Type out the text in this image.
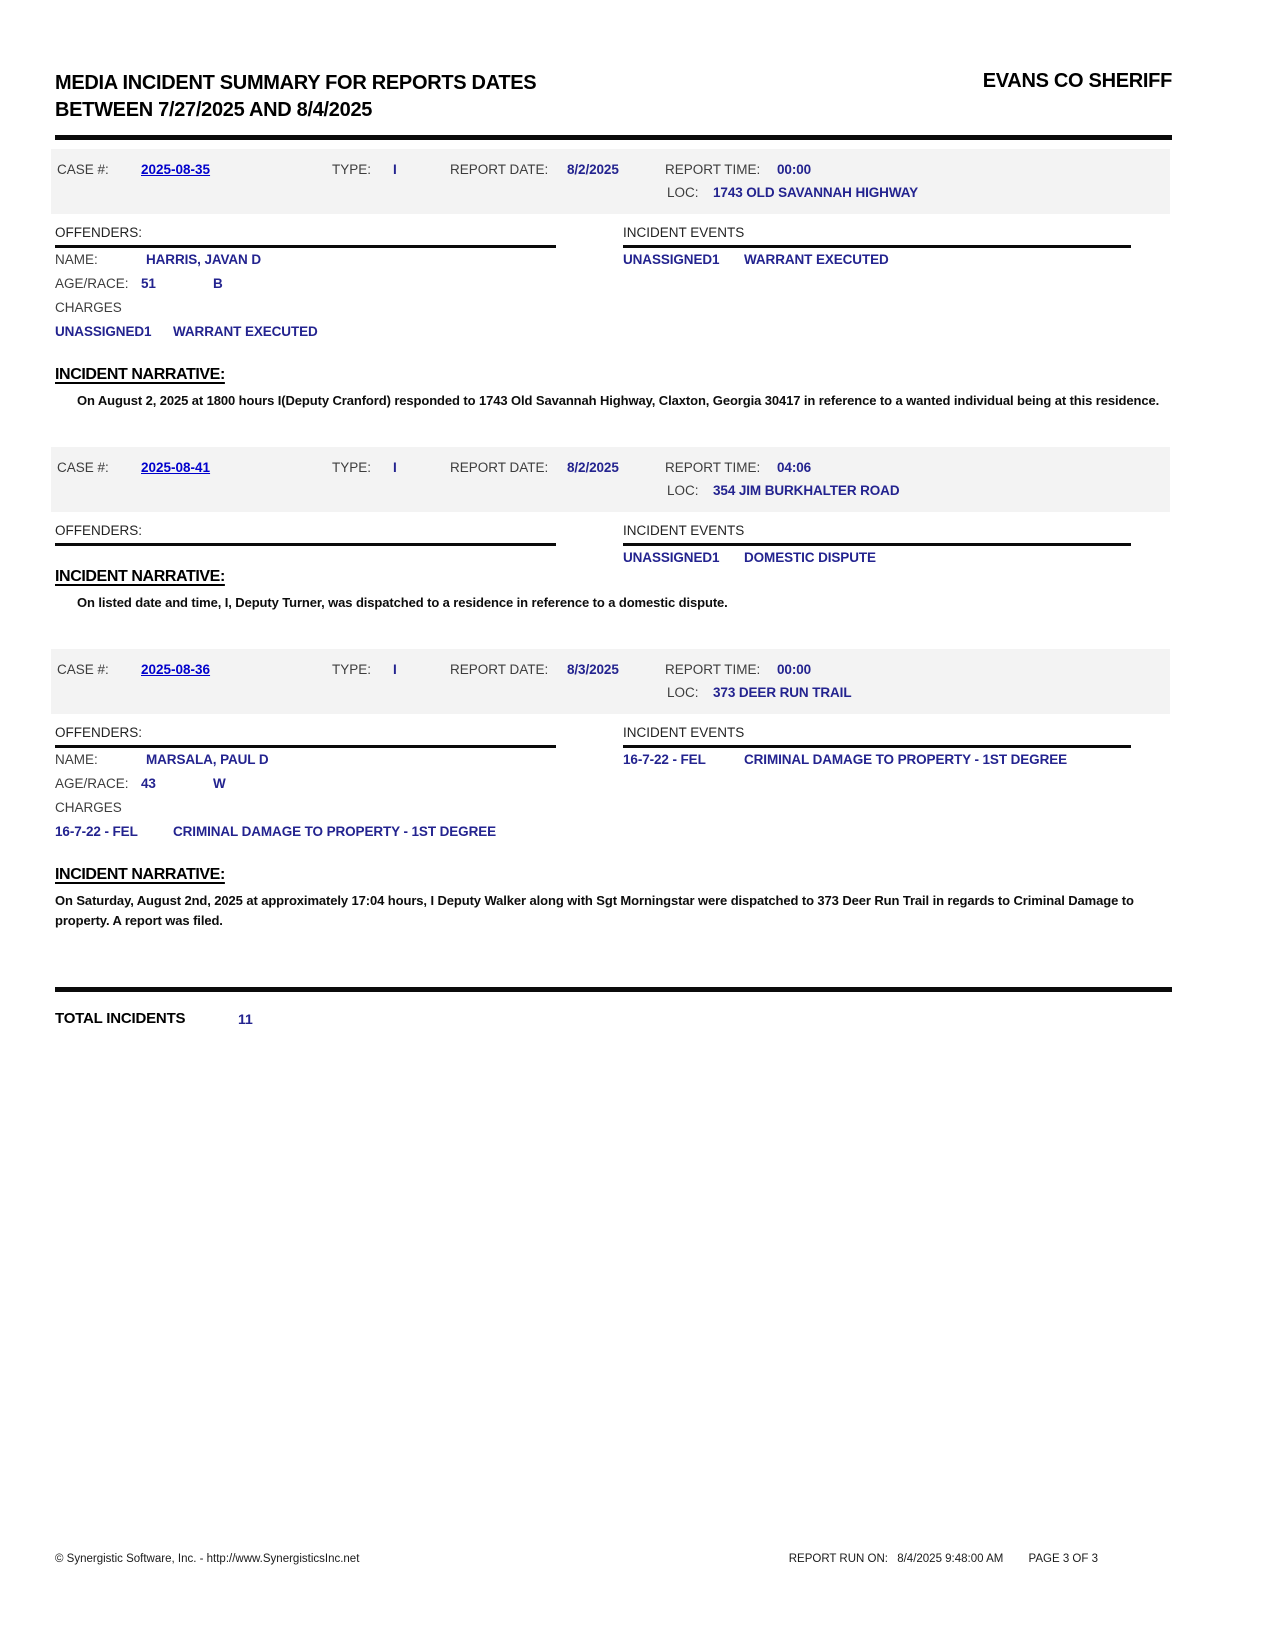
MEDIA INCIDENT SUMMARY FOR REPORTS DATES
BETWEEN 7/27/2025 AND 8/4/2025
EVANS CO SHERIFF
CASE #: 2025-08-35	TYPE: I	REPORT DATE: 8/2/2025	REPORT TIME: 00:00
LOC: 1743 OLD SAVANNAH HIGHWAY
OFFENDERS:
NAME:	HARRIS, JAVAN D
AGE/RACE: 51	B
CHARGES
UNASSIGNED1 WARRANT EXECUTED
INCIDENT EVENTS
UNASSIGNED1 WARRANT EXECUTED
INCIDENT NARRATIVE:

On August 2, 2025 at 1800 hours I(Deputy Cranford) responded to 1743 Old Savannah Highway, Claxton, Georgia 30417 in reference to a wanted individual being at this residence.

CASE #: 2025-08-41	TYPE: I	REPORT DATE: 8/2/2025	REPORT TIME: 04:06
LOC: 354 JIM BURKHALTER ROAD
OFFENDERS:	INCIDENT EVENTS
UNASSIGNED1 DOMESTIC DISPUTE
INCIDENT NARRATIVE:

On listed date and time, I, Deputy Turner, was dispatched to a residence in reference to a domestic dispute.

CASE #: 2025-08-36	TYPE: I	REPORT DATE: 8/3/2025	REPORT TIME: 00:00
LOC: 373 DEER RUN TRAIL
OFFENDERS:
NAME:	MARSALA, PAUL D
AGE/RACE: 43	W
CHARGES
16-7-22 - FEL	CRIMINAL DAMAGE TO PROPERTY - 1ST DEGREE
INCIDENT EVENTS
16-7-22 - FEL	CRIMINAL DAMAGE TO PROPERTY - 1ST DEGREE
INCIDENT NARRATIVE:

On Saturday, August 2nd, 2025 at approximately 17:04 hours, I Deputy Walker along with Sgt Morningstar were dispatched to 373 Deer Run Trail in regards to Criminal Damage to property. A report was filed.

TOTAL INCIDENTS	11
© Synergistic Software, Inc. - http://www.SynergisticsInc.net	REPORT RUN ON: 8/4/2025 9:48:00 AM PAGE 3 OF 3
